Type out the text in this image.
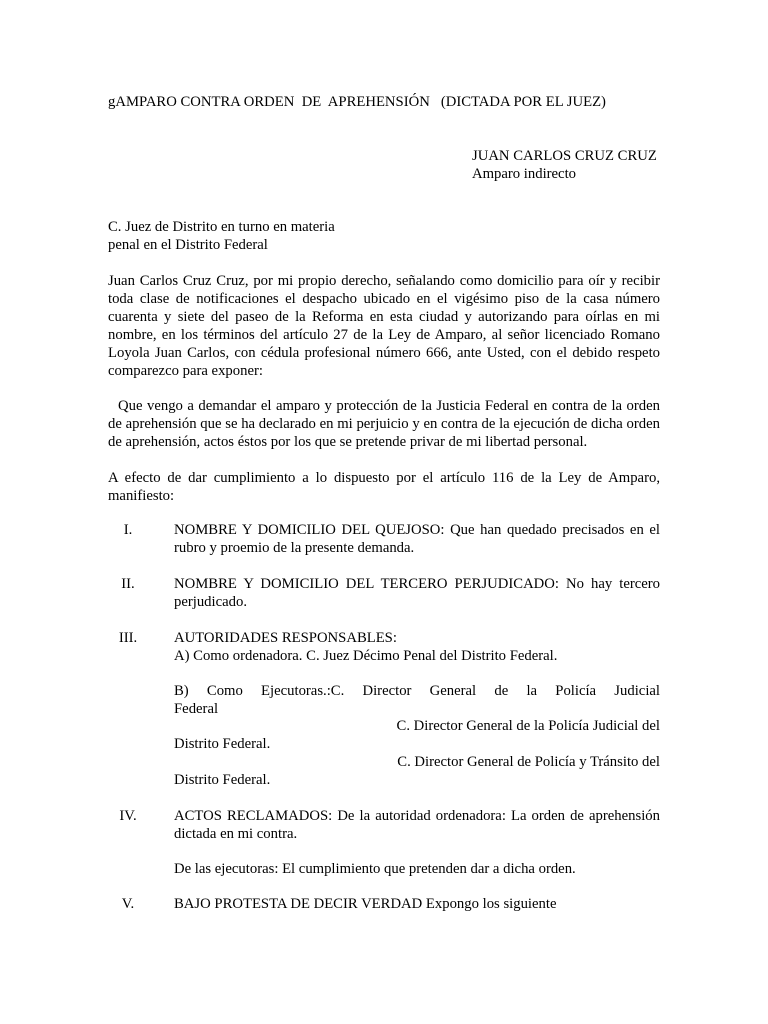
gAMPARO CONTRA ORDEN  DE  APREHENSIÓN   (DICTADA POR EL JUEZ)
JUAN CARLOS CRUZ CRUZ
Amparo indirecto
C. Juez de Distrito en turno en materia
penal en el Distrito Federal
Juan Carlos Cruz Cruz, por mi propio derecho, señalando como domicilio para oír y recibir toda clase de notificaciones el despacho ubicado en el vigésimo piso de la casa número cuarenta y siete del paseo de la Reforma en esta ciudad y autorizando para oírlas en mi nombre, en los términos del artículo 27 de la Ley de Amparo, al señor licenciado Romano Loyola Juan Carlos, con cédula profesional número 666, ante Usted, con el debido respeto comparezco para exponer:
Que vengo a demandar el amparo y protección de la Justicia Federal en contra de la orden de aprehensión que se ha declarado en mi perjuicio y en contra de la ejecución de dicha orden de aprehensión, actos éstos por los que se pretende privar de mi libertad personal.
A efecto de dar cumplimiento a lo dispuesto por el artículo 116 de la Ley de Amparo, manifiesto:
I.	NOMBRE Y DOMICILIO DEL QUEJOSO: Que han quedado precisados en el rubro y proemio de la presente demanda.
II.	NOMBRE Y DOMICILIO DEL TERCERO PERJUDICADO: No hay tercero perjudicado.
III.	AUTORIDADES RESPONSABLES:
A) Como ordenadora. C. Juez Décimo Penal del Distrito Federal.
B) Como Ejecutoras.:C. Director General de la Policía Judicial
Federal
C. Director General de la Policía Judicial del
Distrito Federal.
C. Director General de Policía y Tránsito del
Distrito Federal.
IV.	ACTOS RECLAMADOS: De la autoridad ordenadora: La orden de aprehensión dictada en mi contra.
De las ejecutoras: El cumplimiento que pretenden dar a dicha orden.
V.	BAJO PROTESTA DE DECIR VERDAD Expongo los siguiente
